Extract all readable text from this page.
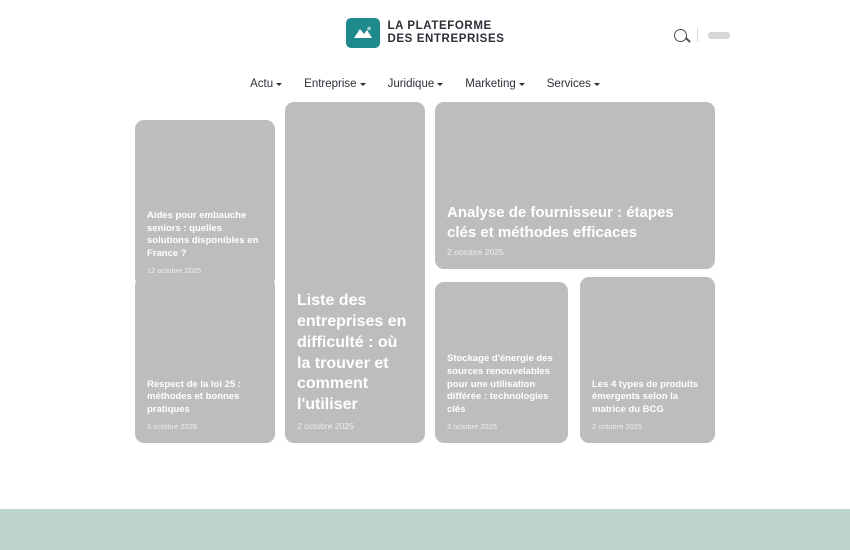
LA PLATEFORME
DES ENTREPRISES
Actu	Entreprise	Juridique	Marketing	Services

Aides pour embauche seniors : quelles solutions disponibles en France ?

12 octobre 2025

Liste des entreprises en difficulté : où la trouver et comment l'utiliser

2 octobre 2025

Analyse de fournisseur : étapes clés et méthodes efficaces

2 octobre 2025

Respect de la loi 25 : méthodes et bonnes pratiques

3 octobre 2025

Stockage d'énergie des sources renouvelables pour une utilisation différée : technologies clés

3 octobre 2025

Les 4 types de produits émergents selon la matrice du BCG

2 octobre 2025
